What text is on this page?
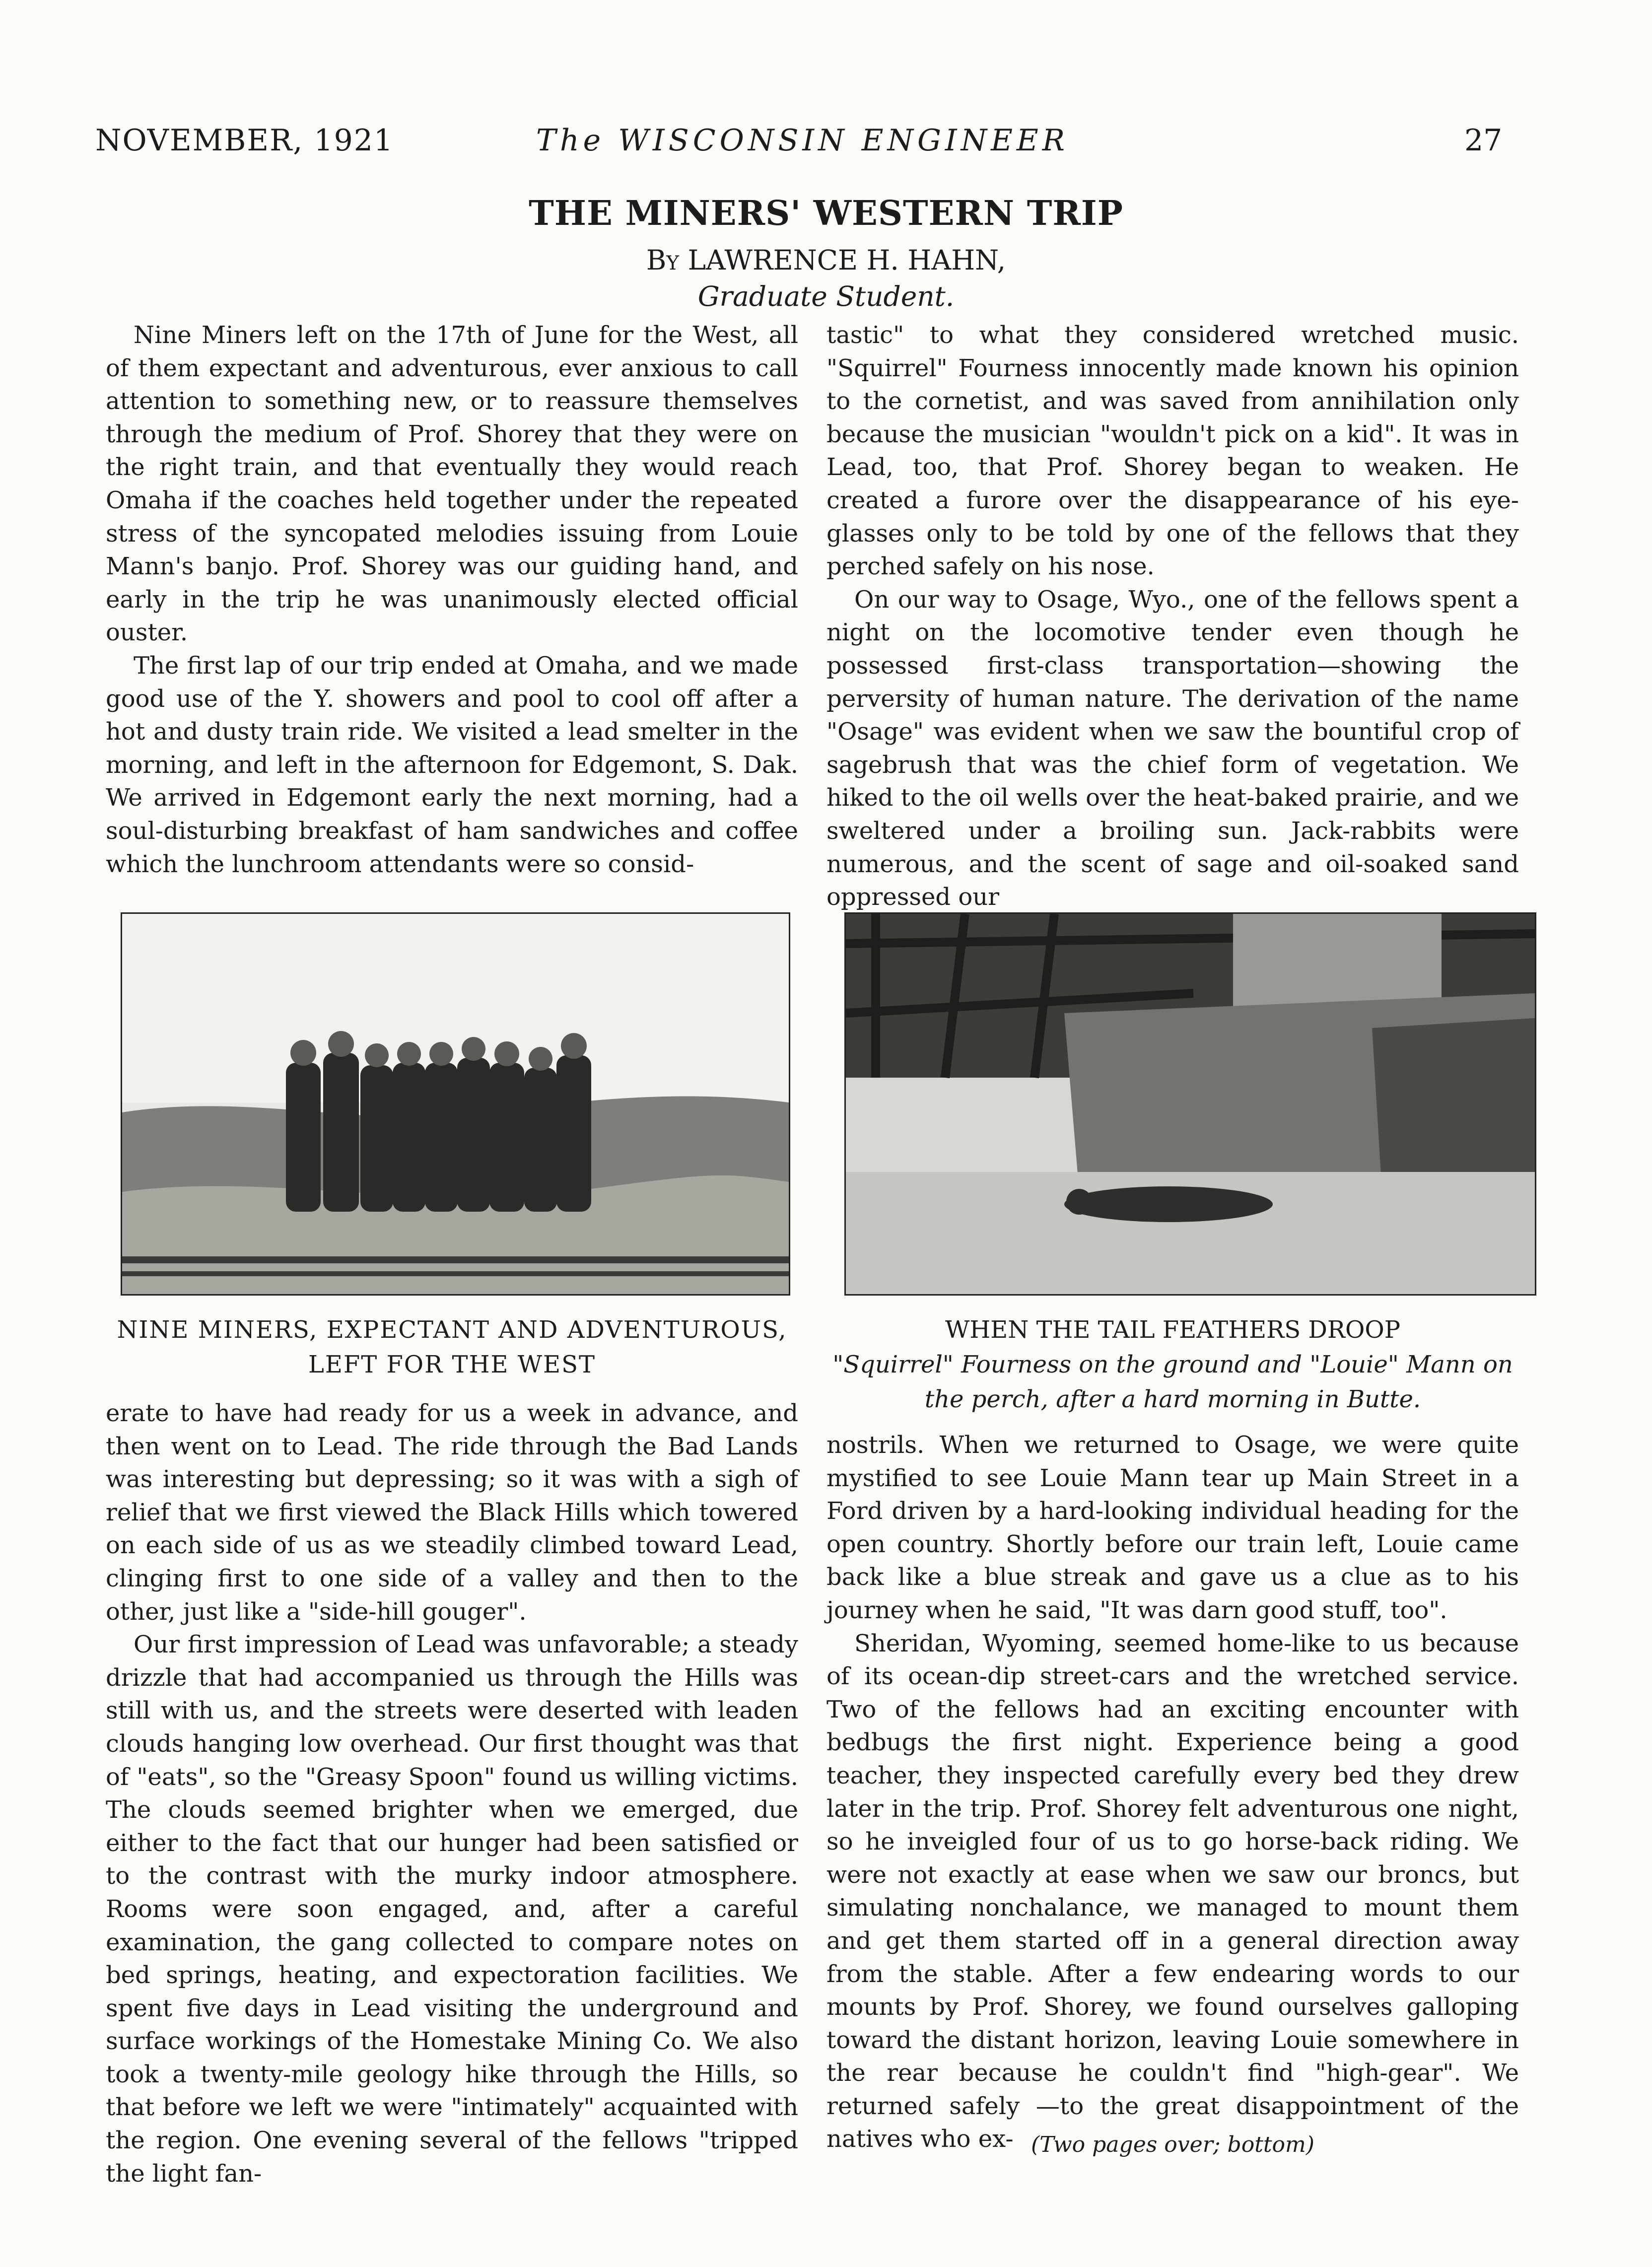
NOVEMBER, 1921	The WISCONSIN ENGINEER	27
THE MINERS' WESTERN TRIP
By LAWRENCE H. HAHN,
Graduate Student.

Nine Miners left on the 17th of June for the West, all of them expectant and adventurous, ever anxious to call attention to something new, or to reassure themselves through the medium of Prof. Shorey that they were on the right train, and that eventually they would reach Omaha if the coaches held together under the repeated stress of the syncopated melodies issuing from Louie Mann's banjo. Prof. Shorey was our guiding hand, and early in the trip he was unanimously elected official ouster.

The first lap of our trip ended at Omaha, and we made good use of the Y. showers and pool to cool off after a hot and dusty train ride. We visited a lead smelter in the morning, and left in the afternoon for Edgemont, S. Dak. We arrived in Edgemont early the next morning, had a soul-disturbing breakfast of ham sandwiches and coffee which the lunchroom attendants were so consid-

tastic" to what they considered wretched music. "Squirrel" Fourness innocently made known his opinion to the cornetist, and was saved from annihilation only because the musician "wouldn't pick on a kid". It was in Lead, too, that Prof. Shorey began to weaken. He created a furore over the disappearance of his eye-glasses only to be told by one of the fellows that they perched safely on his nose.

On our way to Osage, Wyo., one of the fellows spent a night on the locomotive tender even though he possessed first-class transportation—showing the perversity of human nature. The derivation of the name "Osage" was evident when we saw the bountiful crop of sagebrush that was the chief form of vegetation. We hiked to the oil wells over the heat-baked prairie, and we sweltered under a broiling sun. Jack-rabbits were numerous, and the scent of sage and oil-soaked sand oppressed our

NINE MINERS, EXPECTANT AND ADVENTUROUS, LEFT FOR THE WEST
WHEN THE TAIL FEATHERS DROOP
"Squirrel" Fourness on the ground and "Louie" Mann on the perch, after a hard morning in Butte.

erate to have had ready for us a week in advance, and then went on to Lead. The ride through the Bad Lands was interesting but depressing; so it was with a sigh of relief that we first viewed the Black Hills which towered on each side of us as we steadily climbed toward Lead, clinging first to one side of a valley and then to the other, just like a "side-hill gouger".

Our first impression of Lead was unfavorable; a steady drizzle that had accompanied us through the Hills was still with us, and the streets were deserted with leaden clouds hanging low overhead. Our first thought was that of "eats", so the "Greasy Spoon" found us willing victims. The clouds seemed brighter when we emerged, due either to the fact that our hunger had been satisfied or to the contrast with the murky indoor atmosphere. Rooms were soon engaged, and, after a careful examination, the gang collected to compare notes on bed springs, heating, and expectoration facilities. We spent five days in Lead visiting the underground and surface workings of the Homestake Mining Co. We also took a twenty-mile geology hike through the Hills, so that before we left we were "intimately" acquainted with the region. One evening several of the fellows "tripped the light fan-

nostrils. When we returned to Osage, we were quite mystified to see Louie Mann tear up Main Street in a Ford driven by a hard-looking individual heading for the open country. Shortly before our train left, Louie came back like a blue streak and gave us a clue as to his journey when he said, "It was darn good stuff, too".

Sheridan, Wyoming, seemed home-like to us because of its ocean-dip street-cars and the wretched service. Two of the fellows had an exciting encounter with bedbugs the first night. Experience being a good teacher, they inspected carefully every bed they drew later in the trip. Prof. Shorey felt adventurous one night, so he inveigled four of us to go horse-back riding. We were not exactly at ease when we saw our broncs, but simulating nonchalance, we managed to mount them and get them started off in a general direction away from the stable. After a few endearing words to our mounts by Prof. Shorey, we found ourselves galloping toward the distant horizon, leaving Louie somewhere in the rear because he couldn't find "high-gear". We returned safely —to the great disappointment of the natives who ex- (Two pages over; bottom)
